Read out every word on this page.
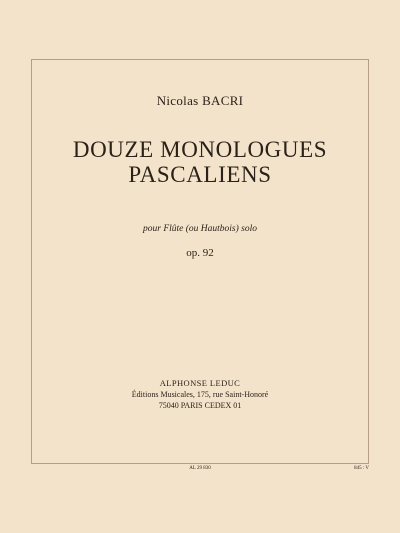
Nicolas BACRI
DOUZE MONOLOGUES
PASCALIENS
pour Flûte (ou Hautbois) solo
op. 92
ALPHONSE LEDUC
Éditions Musicales, 175, rue Saint-Honoré
75040 PARIS CEDEX 01
AL 29 830	845 : V
